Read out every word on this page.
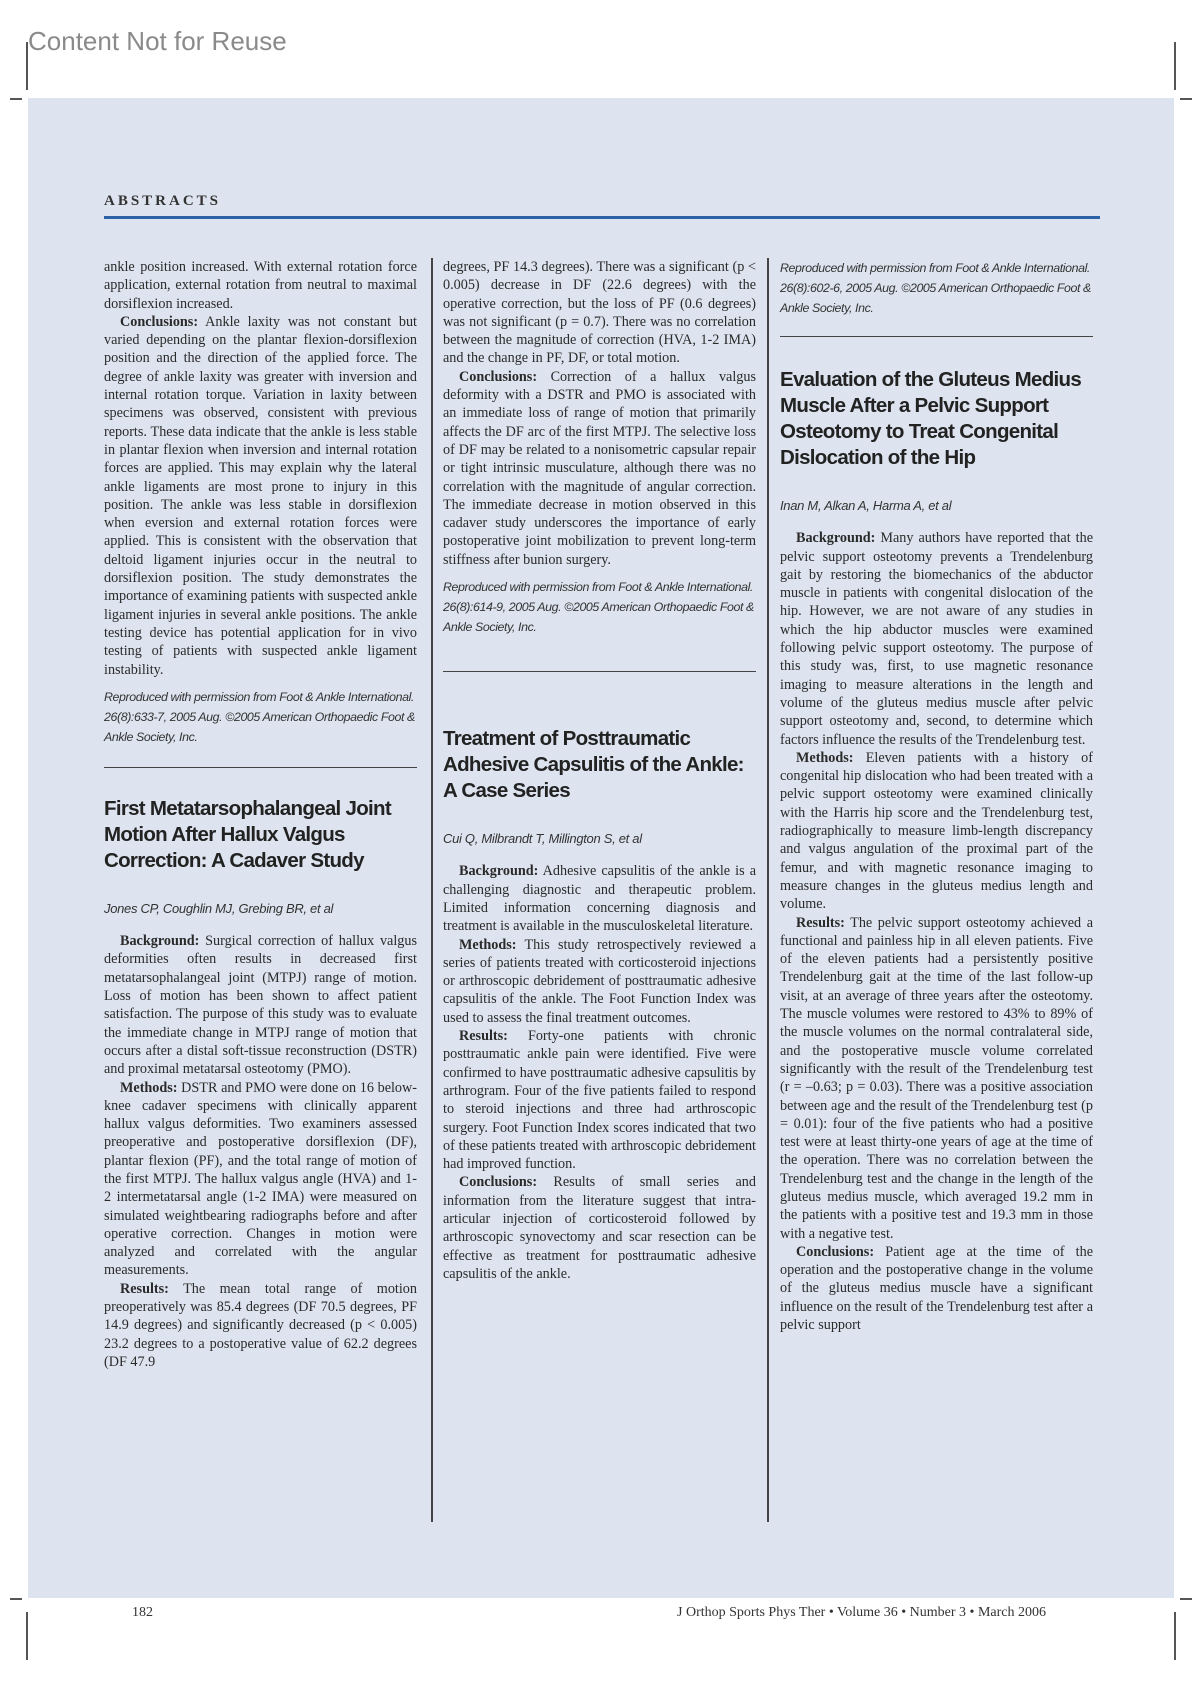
Content Not for Reuse
ABSTRACTS

ankle position increased. With external rotation force application, external rotation from neutral to maximal dorsiflexion increased.

Conclusions: Ankle laxity was not constant but varied depending on the plantar flexion-dorsiflexion position and the direction of the applied force. The degree of ankle laxity was greater with inversion and internal rotation torque. Variation in laxity between specimens was observed, consistent with previous reports. These data indicate that the ankle is less stable in plantar flexion when inversion and internal rotation forces are applied. This may explain why the lateral ankle ligaments are most prone to injury in this position. The ankle was less stable in dorsiflexion when eversion and external rotation forces were applied. This is consistent with the observation that deltoid ligament injuries occur in the neutral to dorsiflexion position. The study demonstrates the importance of examining patients with suspected ankle ligament injuries in several ankle positions. The ankle testing device has potential application for in vivo testing of patients with suspected ankle ligament instability.

Reproduced with permission from Foot & Ankle International. 26(8):633-7, 2005 Aug. ©2005 American Orthopaedic Foot & Ankle Society, Inc.

First Metatarsophalangeal Joint Motion After Hallux Valgus Correction: A Cadaver Study

Jones CP, Coughlin MJ, Grebing BR, et al

Background: Surgical correction of hallux valgus deformities often results in decreased first metatarsophalangeal joint (MTPJ) range of motion. Loss of motion has been shown to affect patient satisfaction. The purpose of this study was to evaluate the immediate change in MTPJ range of motion that occurs after a distal soft-tissue reconstruction (DSTR) and proximal metatarsal osteotomy (PMO).

Methods: DSTR and PMO were done on 16 below-knee cadaver specimens with clinically apparent hallux valgus deformities. Two examiners assessed preoperative and postoperative dorsiflexion (DF), plantar flexion (PF), and the total range of motion of the first MTPJ. The hallux valgus angle (HVA) and 1-2 intermetatarsal angle (1-2 IMA) were measured on simulated weightbearing radiographs before and after operative correction. Changes in motion were analyzed and correlated with the angular measurements.

Results: The mean total range of motion preoperatively was 85.4 degrees (DF 70.5 degrees, PF 14.9 degrees) and significantly decreased (p < 0.005) 23.2 degrees to a postoperative value of 62.2 degrees (DF 47.9

degrees, PF 14.3 degrees). There was a significant (p < 0.005) decrease in DF (22.6 degrees) with the operative correction, but the loss of PF (0.6 degrees) was not significant (p = 0.7). There was no correlation between the magnitude of correction (HVA, 1-2 IMA) and the change in PF, DF, or total motion.

Conclusions: Correction of a hallux valgus deformity with a DSTR and PMO is associated with an immediate loss of range of motion that primarily affects the DF arc of the first MTPJ. The selective loss of DF may be related to a nonisometric capsular repair or tight intrinsic musculature, although there was no correlation with the magnitude of angular correction. The immediate decrease in motion observed in this cadaver study underscores the importance of early postoperative joint mobilization to prevent long-term stiffness after bunion surgery.

Reproduced with permission from Foot & Ankle International. 26(8):614-9, 2005 Aug. ©2005 American Orthopaedic Foot & Ankle Society, Inc.

Treatment of Posttraumatic Adhesive Capsulitis of the Ankle: A Case Series

Cui Q, Milbrandt T, Millington S, et al

Background: Adhesive capsulitis of the ankle is a challenging diagnostic and therapeutic problem. Limited information concerning diagnosis and treatment is available in the musculoskeletal literature.

Methods: This study retrospectively reviewed a series of patients treated with corticosteroid injections or arthroscopic debridement of posttraumatic adhesive capsulitis of the ankle. The Foot Function Index was used to assess the final treatment outcomes.

Results: Forty-one patients with chronic posttraumatic ankle pain were identified. Five were confirmed to have posttraumatic adhesive capsulitis by arthrogram. Four of the five patients failed to respond to steroid injections and three had arthroscopic surgery. Foot Function Index scores indicated that two of these patients treated with arthroscopic debridement had improved function.

Conclusions: Results of small series and information from the literature suggest that intra-articular injection of corticosteroid followed by arthroscopic synovectomy and scar resection can be effective as treatment for posttraumatic adhesive capsulitis of the ankle.

Reproduced with permission from Foot & Ankle International. 26(8):602-6, 2005 Aug. ©2005 American Orthopaedic Foot & Ankle Society, Inc.

Evaluation of the Gluteus Medius Muscle After a Pelvic Support Osteotomy to Treat Congenital Dislocation of the Hip

Inan M, Alkan A, Harma A, et al

Background: Many authors have reported that the pelvic support osteotomy prevents a Trendelenburg gait by restoring the biomechanics of the abductor muscle in patients with congenital dislocation of the hip. However, we are not aware of any studies in which the hip abductor muscles were examined following pelvic support osteotomy. The purpose of this study was, first, to use magnetic resonance imaging to measure alterations in the length and volume of the gluteus medius muscle after pelvic support osteotomy and, second, to determine which factors influence the results of the Trendelenburg test.

Methods: Eleven patients with a history of congenital hip dislocation who had been treated with a pelvic support osteotomy were examined clinically with the Harris hip score and the Trendelenburg test, radiographically to measure limb-length discrepancy and valgus angulation of the proximal part of the femur, and with magnetic resonance imaging to measure changes in the gluteus medius length and volume.

Results: The pelvic support osteotomy achieved a functional and painless hip in all eleven patients. Five of the eleven patients had a persistently positive Trendelenburg gait at the time of the last follow-up visit, at an average of three years after the osteotomy. The muscle volumes were restored to 43% to 89% of the muscle volumes on the normal contralateral side, and the postoperative muscle volume correlated significantly with the result of the Trendelenburg test (r = –0.63; p = 0.03). There was a positive association between age and the result of the Trendelenburg test (p = 0.01): four of the five patients who had a positive test were at least thirty-one years of age at the time of the operation. There was no correlation between the Trendelenburg test and the change in the length of the gluteus medius muscle, which averaged 19.2 mm in the patients with a positive test and 19.3 mm in those with a negative test.

Conclusions: Patient age at the time of the operation and the postoperative change in the volume of the gluteus medius muscle have a significant influence on the result of the Trendelenburg test after a pelvic support

182	J Orthop Sports Phys Ther • Volume 36 • Number 3 • March 2006
